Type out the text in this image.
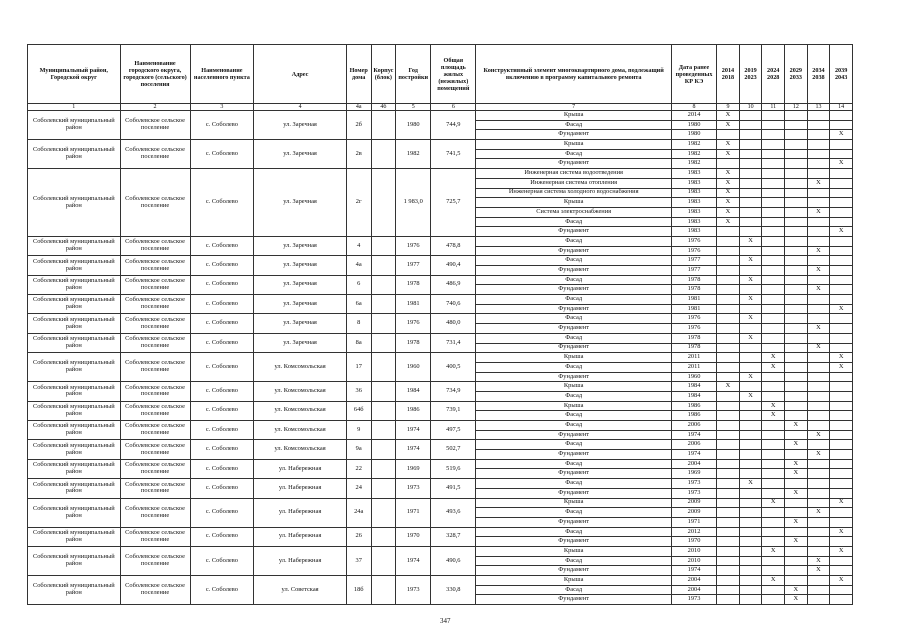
Муниципальный район, Городской округ	Наименование городского округа, городского (сельского) поселения	Наименование населенного пункта	Адрес	Номер дома	Корпус (блок)	Год постройки	Общая площадь жилых (нежилых) помещений	Конструктивный элемент многоквартирного дома, подлежащий включению в программу капитального ремонта	Дата ранее проведенных КР КЭ	2014 2018	2019 2023	2024 2028	2029 2033	2034 2038	2039 2043
1	2	3	4	4а	4б	5	6	7	8	9	10	11	12	13	14
Соболевский муниципальный район	Соболевское сельское поселение	с. Соболево	ул. Заречная	2б		1980	744,9	Крыша	2014	X					
								Фасад	1980	X					
								Фундамент	1980						X
Соболевский муниципальный район	Соболевское сельское поселение	с. Соболево	ул. Заречная	2в		1982	741,5	Крыша	1982	X					
								Фасад	1982	X					
								Фундамент	1982						X
Соболевский муниципальный район	Соболевское сельское поселение	с. Соболево	ул. Заречная	2г		1 983,0	725,7	Инженерная система водоотведения	1983	X					
								Инженерная система отопления	1983	X				X	
								Инженерная система холодного водоснабжения	1983	X					
								Крыша	1983	X					
								Система электроснабжения	1983	X				X	
								Фасад	1983	X					
								Фундамент	1983						X
Соболевский муниципальный район	Соболевское сельское поселение	с. Соболево	ул. Заречная	4		1976	478,8	Фасад	1976		X				
								Фундамент	1976					X	
Соболевский муниципальный район	Соболевское сельское поселение	с. Соболево	ул. Заречная	4а		1977	490,4	Фасад	1977		X				
								Фундамент	1977					X	
Соболевский муниципальный район	Соболевское сельское поселение	с. Соболево	ул. Заречная	6		1978	486,9	Фасад	1978		X				
								Фундамент	1978					X	
Соболевский муниципальный район	Соболевское сельское поселение	с. Соболево	ул. Заречная	6а		1981	740,6	Фасад	1981		X				
								Фундамент	1981						X
Соболевский муниципальный район	Соболевское сельское поселение	с. Соболево	ул. Заречная	8		1976	480,0	Фасад	1976		X				
								Фундамент	1976					X	
Соболевский муниципальный район	Соболевское сельское поселение	с. Соболево	ул. Заречная	8а		1978	731,4	Фасад	1978		X				
								Фундамент	1978					X	
Соболевский муниципальный район	Соболевское сельское поселение	с. Соболево	ул. Комсомольская	17		1960	400,5	Крыша	2011			X			X
								Фасад	2011			X			X
								Фундамент	1960		X				
Соболевский муниципальный район	Соболевское сельское поселение	с. Соболево	ул. Комсомольская	36		1984	734,9	Крыша	1984	X					
								Фасад	1984		X				
Соболевский муниципальный район	Соболевское сельское поселение	с. Соболево	ул. Комсомольская	64б		1986	739,1	Крыша	1986			X			
								Фасад	1986			X			
Соболевский муниципальный район	Соболевское сельское поселение	с. Соболево	ул. Комсомольская	9		1974	497,5	Фасад	2006				X		
								Фундамент	1974					X	
Соболевский муниципальный район	Соболевское сельское поселение	с. Соболево	ул. Комсомольская	9а		1974	502,7	Фасад	2006				X		
								Фундамент	1974					X	
Соболевский муниципальный район	Соболевское сельское поселение	с. Соболево	ул. Набережная	22		1969	519,6	Фасад	2004				X		
								Фундамент	1969				X		
Соболевский муниципальный район	Соболевское сельское поселение	с. Соболево	ул. Набережная	24		1973	491,5	Фасад	1973		X				
								Фундамент	1973				X		
Соболевский муниципальный район	Соболевское сельское поселение	с. Соболево	ул. Набережная	24а		1971	493,6	Крыша	2009			X			X
								Фасад	2009					X	
								Фундамент	1971				X		
Соболевский муниципальный район	Соболевское сельское поселение	с. Соболево	ул. Набережная	26		1970	328,7	Фасад	2012						X
								Фундамент	1970				X		
Соболевский муниципальный район	Соболевское сельское поселение	с. Соболево	ул. Набережная	37		1974	490,6	Крыша	2010			X			X
								Фасад	2010					X	
								Фундамент	1974					X	
Соболевский муниципальный район	Соболевское сельское поселение	с. Соболево	ул. Советская	18б		1973	330,8	Крыша	2004			X			X
								Фасад	2004				X		
								Фундамент	1973				X		
347
